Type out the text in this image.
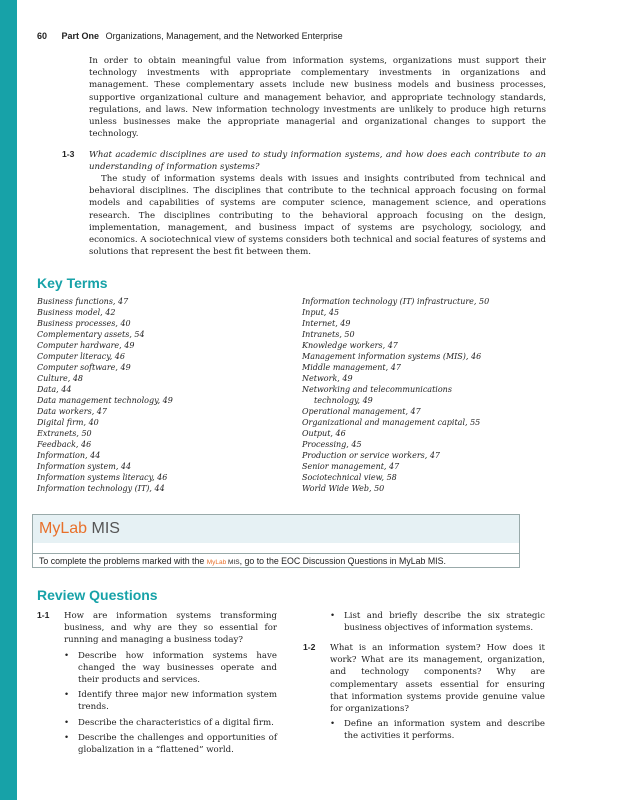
60 Part One Organizations, Management, and the Networked Enterprise

In order to obtain meaningful value from information systems, organizations must support their technology investments with appropriate complementary investments in organizations and management. These complementary assets include new business models and business processes, supportive organizational culture and management behavior, and appropriate technology standards, regulations, and laws. New information technology investments are unlikely to produce high returns unless businesses make the appropriate managerial and organizational changes to support the technology.

1-3 What academic disciplines are used to study information systems, and how does each contribute to an understanding of information systems?

The study of information systems deals with issues and insights contributed from technical and behavioral disciplines. The disciplines that contribute to the technical approach focusing on formal models and capabilities of systems are computer science, management science, and operations research. The disciplines contributing to the behavioral approach focusing on the design, implementation, management, and business impact of systems are psychology, sociology, and economics. A sociotechnical view of systems considers both technical and social features of systems and solutions that represent the best fit between them.

Key Terms
Business functions, 47
Business model, 42
Business processes, 40
Complementary assets, 54
Computer hardware, 49
Computer literacy, 46
Computer software, 49
Culture, 48
Data, 44
Data management technology, 49
Data workers, 47
Digital firm, 40
Extranets, 50
Feedback, 46
Information, 44
Information system, 44
Information systems literacy, 46
Information technology (IT), 44
Information technology (IT) infrastructure, 50
Input, 45
Internet, 49
Intranets, 50
Knowledge workers, 47
Management information systems (MIS), 46
Middle management, 47
Network, 49
Networking and telecommunications
technology, 49
Operational management, 47
Organizational and management capital, 55
Output, 46
Processing, 45
Production or service workers, 47
Senior management, 47
Sociotechnical view, 58
World Wide Web, 50
MyLab MIS
To complete the problems marked with the MyLab MIS, go to the EOC Discussion Questions in MyLab MIS.
Review Questions
1-1 How are information systems transforming business, and why are they so essential for running and managing a business today?

• Describe how information systems have changed the way businesses operate and their products and services.
• Identify three major new information system trends.
• Describe the characteristics of a digital firm.
• Describe the challenges and opportunities of globalization in a “flattened” world.
• List and briefly describe the six strategic business objectives of information systems.
1-2 What is an information system? How does it work? What are its management, organization, and technology components? Why are complementary assets essential for ensuring that information systems provide genuine value for organizations?

• Define an information system and describe the activities it performs.
